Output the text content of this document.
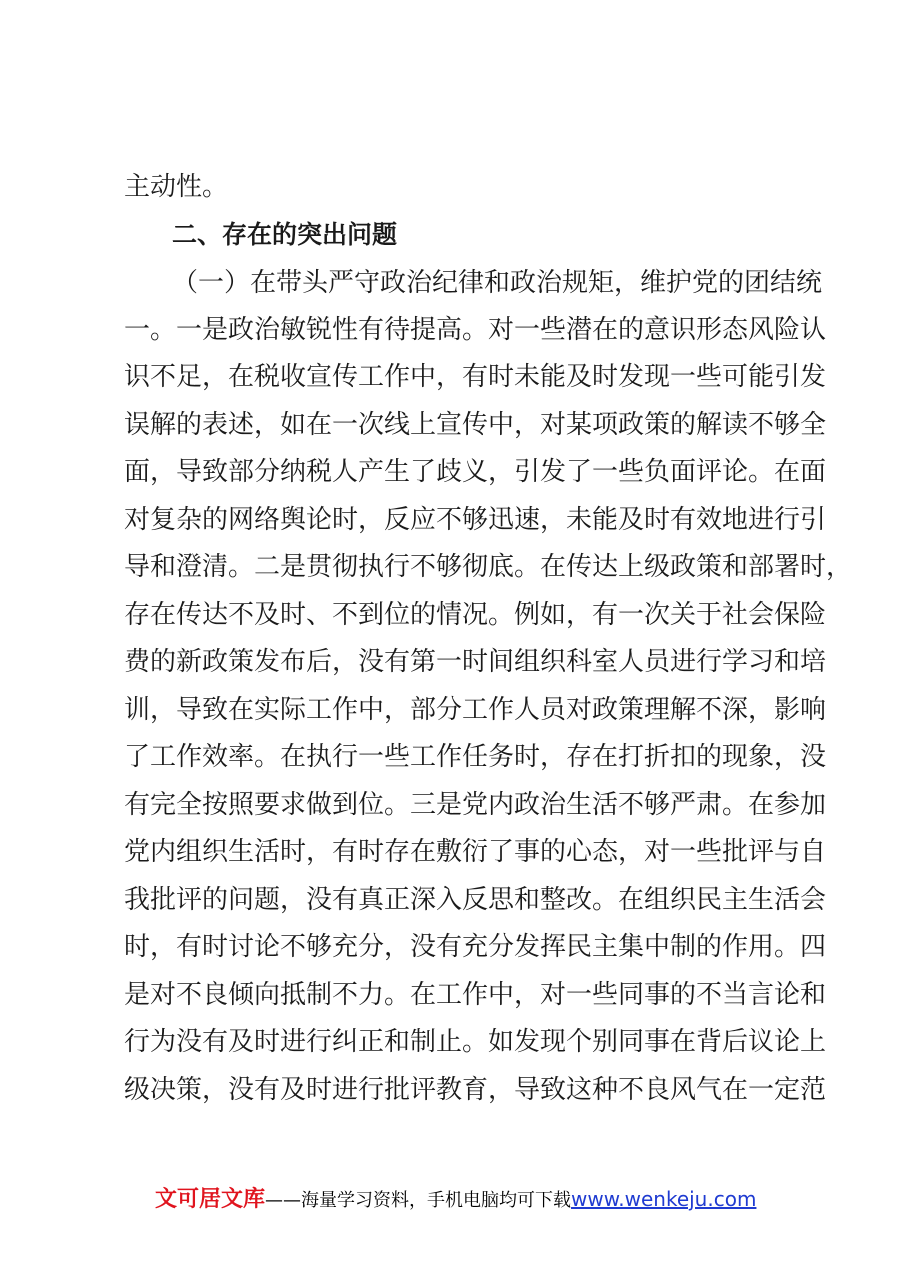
主动性。
二、存在的突出问题
（一）在带头严守政治纪律和政治规矩，维护党的团结统
一。一是政治敏锐性有待提高。对一些潜在的意识形态风险认
识不足，在税收宣传工作中，有时未能及时发现一些可能引发
误解的表述，如在一次线上宣传中，对某项政策的解读不够全
面，导致部分纳税人产生了歧义，引发了一些负面评论。在面
对复杂的网络舆论时，反应不够迅速，未能及时有效地进行引
导和澄清。二是贯彻执行不够彻底。在传达上级政策和部署时，
存在传达不及时、不到位的情况。例如，有一次关于社会保险
费的新政策发布后，没有第一时间组织科室人员进行学习和培
训，导致在实际工作中，部分工作人员对政策理解不深，影响
了工作效率。在执行一些工作任务时，存在打折扣的现象，没
有完全按照要求做到位。三是党内政治生活不够严肃。在参加
党内组织生活时，有时存在敷衍了事的心态，对一些批评与自
我批评的问题，没有真正深入反思和整改。在组织民主生活会
时，有时讨论不够充分，没有充分发挥民主集中制的作用。四
是对不良倾向抵制不力。在工作中，对一些同事的不当言论和
行为没有及时进行纠正和制止。如发现个别同事在背后议论上
级决策，没有及时进行批评教育，导致这种不良风气在一定范
文可居文库——海量学习资料，手机电脑均可下载www.wenkeju.com
